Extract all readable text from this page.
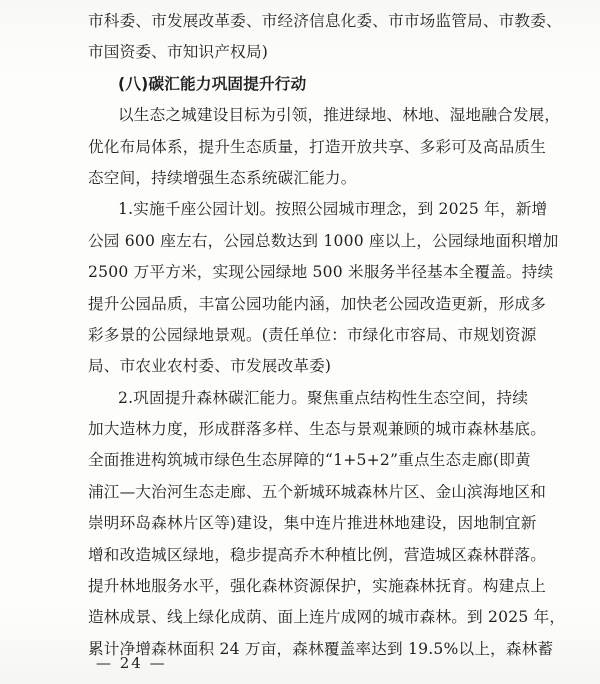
市科委、市发展改革委、市经济信息化委、市市场监管局、市教委、
市国资委、市知识产权局)
(八)碳汇能力巩固提升行动
以生态之城建设目标为引领，推进绿地、林地、湿地融合发展，
优化布局体系，提升生态质量，打造开放共享、多彩可及高品质生
态空间，持续增强生态系统碳汇能力。
1.实施千座公园计划。按照公园城市理念，到 2025 年，新增
公园 600 座左右，公园总数达到 1000 座以上，公园绿地面积增加
2500 万平方米，实现公园绿地 500 米服务半径基本全覆盖。持续
提升公园品质，丰富公园功能内涵，加快老公园改造更新，形成多
彩多景的公园绿地景观。(责任单位：市绿化市容局、市规划资源
局、市农业农村委、市发展改革委)
2.巩固提升森林碳汇能力。聚焦重点结构性生态空间，持续
加大造林力度，形成群落多样、生态与景观兼顾的城市森林基底。
全面推进构筑城市绿色生态屏障的“1+5+2”重点生态走廊(即黄
浦江—大治河生态走廊、五个新城环城森林片区、金山滨海地区和
崇明环岛森林片区等)建设，集中连片推进林地建设，因地制宜新
增和改造城区绿地，稳步提高乔木种植比例，营造城区森林群落。
提升林地服务水平，强化森林资源保护，实施森林抚育。构建点上
造林成景、线上绿化成荫、面上连片成网的城市森林。到 2025 年，
累计净增森林面积 24 万亩，森林覆盖率达到 19.5%以上，森林蓄
— 24 —
